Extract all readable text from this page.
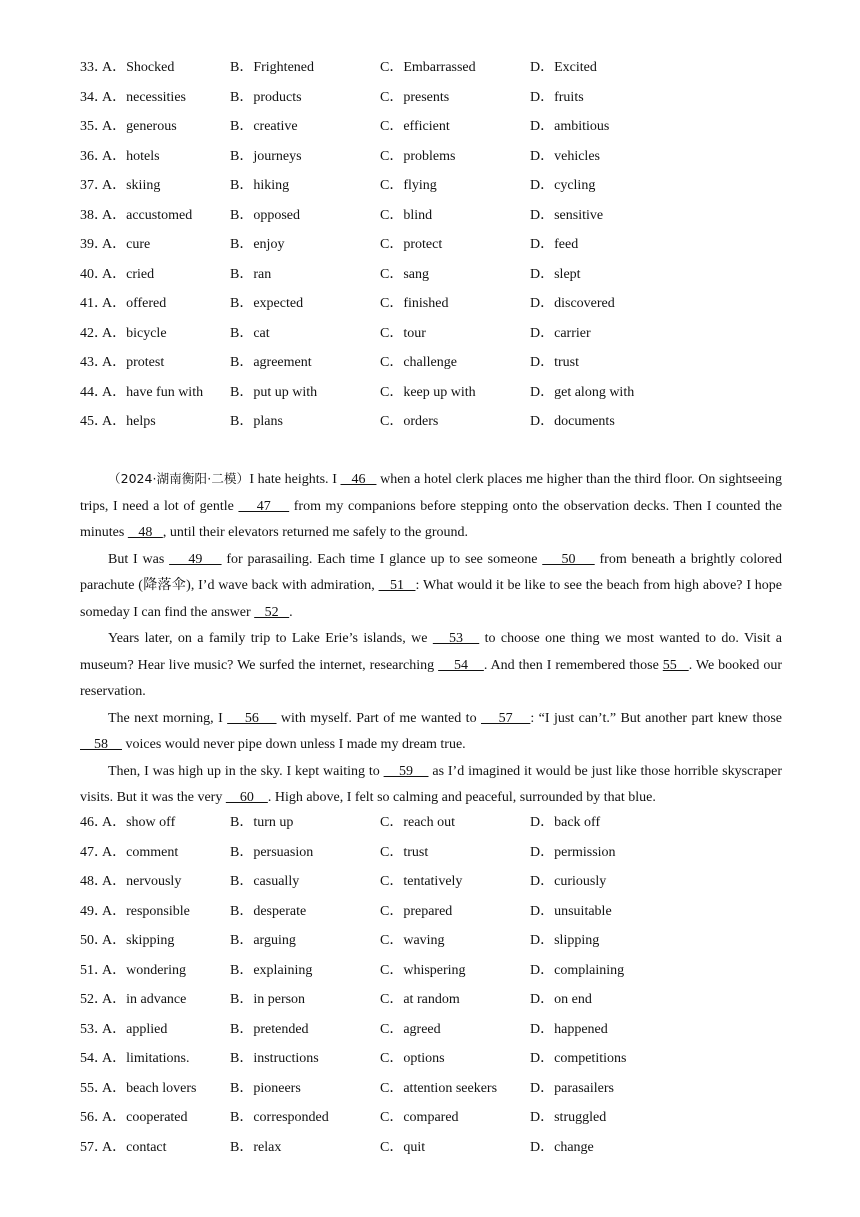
33．
A．Shocked	B．Frightened	C．Embarrassed	D．Excited
34．
A．necessities	B．products	C．presents	D．fruits
35．
A．generous	B．creative	C．efficient	D．ambitious
36．
A．hotels	B．journeys	C．problems	D．vehicles
37．
A．skiing	B．hiking	C．flying	D．cycling
38．
A．accustomed	B．opposed	C．blind	D．sensitive
39．
A．cure	B．enjoy	C．protect	D．feed
40．
A．cried	B．ran	C．sang	D．slept
41．
A．offered	B．expected	C．finished	D．discovered
42．
A．bicycle	B．cat	C．tour	D．carrier
43．
A．protest	B．agreement	C．challenge	D．trust
44．
A．have fun with B．put up with	C．keep up with	D．get along with
45．
A．helps	B．plans	C．orders	D．documents

（2024·湖南衡阳·二模）I hate heights. I    46    when a hotel clerk places me higher than the third floor. On sightseeing trips, I need a lot of gentle     47     from my companions before stepping onto the observation decks. Then I counted the minutes    48   , until their elevators returned me safely to the ground.

But I was     49     for parasailing. Each time I glance up to see someone     50     from beneath a brightly colored parachute (降落伞), I’d wave back with admiration,    51   : What would it be like to see the beach from high above? I hope someday I can find the answer    52   .

Years later, on a family trip to Lake Erie’s islands, we    53    to choose one thing we most wanted to do. Visit a museum? Hear live music? We surfed the internet, researching     54    . And then I remembered those 55   . We booked our reservation.

The next morning, I     56     with myself. Part of me wanted to     57    : “I just can’t.” But another part knew those     58     voices would never pipe down unless I made my dream true.

Then, I was high up in the sky. I kept waiting to     59     as I’d imagined it would be just like those horrible skyscraper visits. But it was the very     60    . High above, I felt so calming and peaceful, surrounded by that blue.

46．
A．show off	B．turn up	C．reach out	D．back off
47．
A．comment	B．persuasion	C．trust	D．permission
48．
A．nervously	B．casually	C．tentatively	D．curiously
49．
A．responsible	B．desperate	C．prepared	D．unsuitable
50．
A．skipping	B．arguing	C．waving	D．slipping
51．
A．wondering	B．explaining	C．whispering	D．complaining
52．
A．in advance	B．in person	C．at random	D．on end
53．
A．applied	B．pretended	C．agreed	D．happened
54．
A．limitations.	B．instructions	C．options	D．competitions
55．
A．beach lovers B．pioneers	C．attention seekers D．parasailers
56．
A．cooperated	B．corresponded	C．compared	D．struggled
57．
A．contact	B．relax	C．quit	D．change
